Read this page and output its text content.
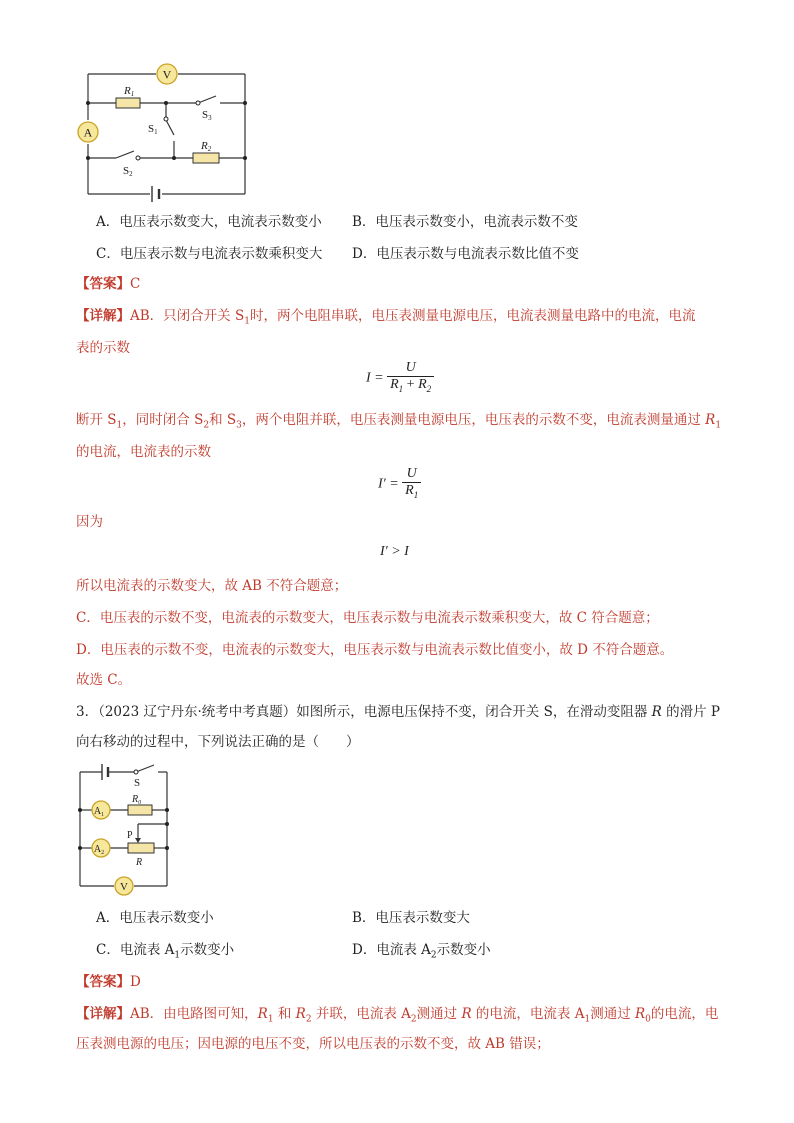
V
A
R1
R2
S1
S2
S3
A．电压表示数变大，电流表示数变小 B．电压表示数变小，电流表示数不变
C．电压表示数与电流表示数乘积变大 D．电压表示数与电流表示数比值不变
【答案】C
【详解】AB．只闭合开关 $S_1$时，两个电阻串联，电压表测量电源电压，电流表测量电路中的电流，电流
表的示数
$I = \frac{U}{R_1 + R_2}$
断开 $S_1$，同时闭合 $S_2$和 $S_3$，两个电阻并联，电压表测量电源电压，电压表的示数不变，电流表测量通过 $R_1$
的电流，电流表的示数
$I' = \frac{U}{R_1}$
因为
I′ > I
所以电流表的示数变大，故 AB 不符合题意；
C．电压表的示数不变，电流表的示数变大，电压表示数与电流表示数乘积变大，故 C 符合题意；
D．电压表的示数不变，电流表的示数变大，电压表示数与电流表示数比值变小，故 D 不符合题意。
故选 C。
3．（2023 辽宁丹东·统考中考真题）如图所示，电源电压保持不变，闭合开关 S，在滑动变阻器 R 的滑片 P
向右移动的过程中，下列说法正确的是（　　）
$A_1$
$A_2$
V
S
$R_0$
P
R
A．电压表示数变小	B．电压表示数变大
C．电流表 $A_1$示数变小	D．电流表 $A_2$示数变小
【答案】D
【详解】AB．由电路图可知，$R_1$ 和 $R_2$ 并联，电流表 $A_2$测通过 R 的电流，电流表 $A_1$测通过 $R_0$的电流，电
压表测电源的电压；因电源的电压不变，所以电压表的示数不变，故 AB 错误；
